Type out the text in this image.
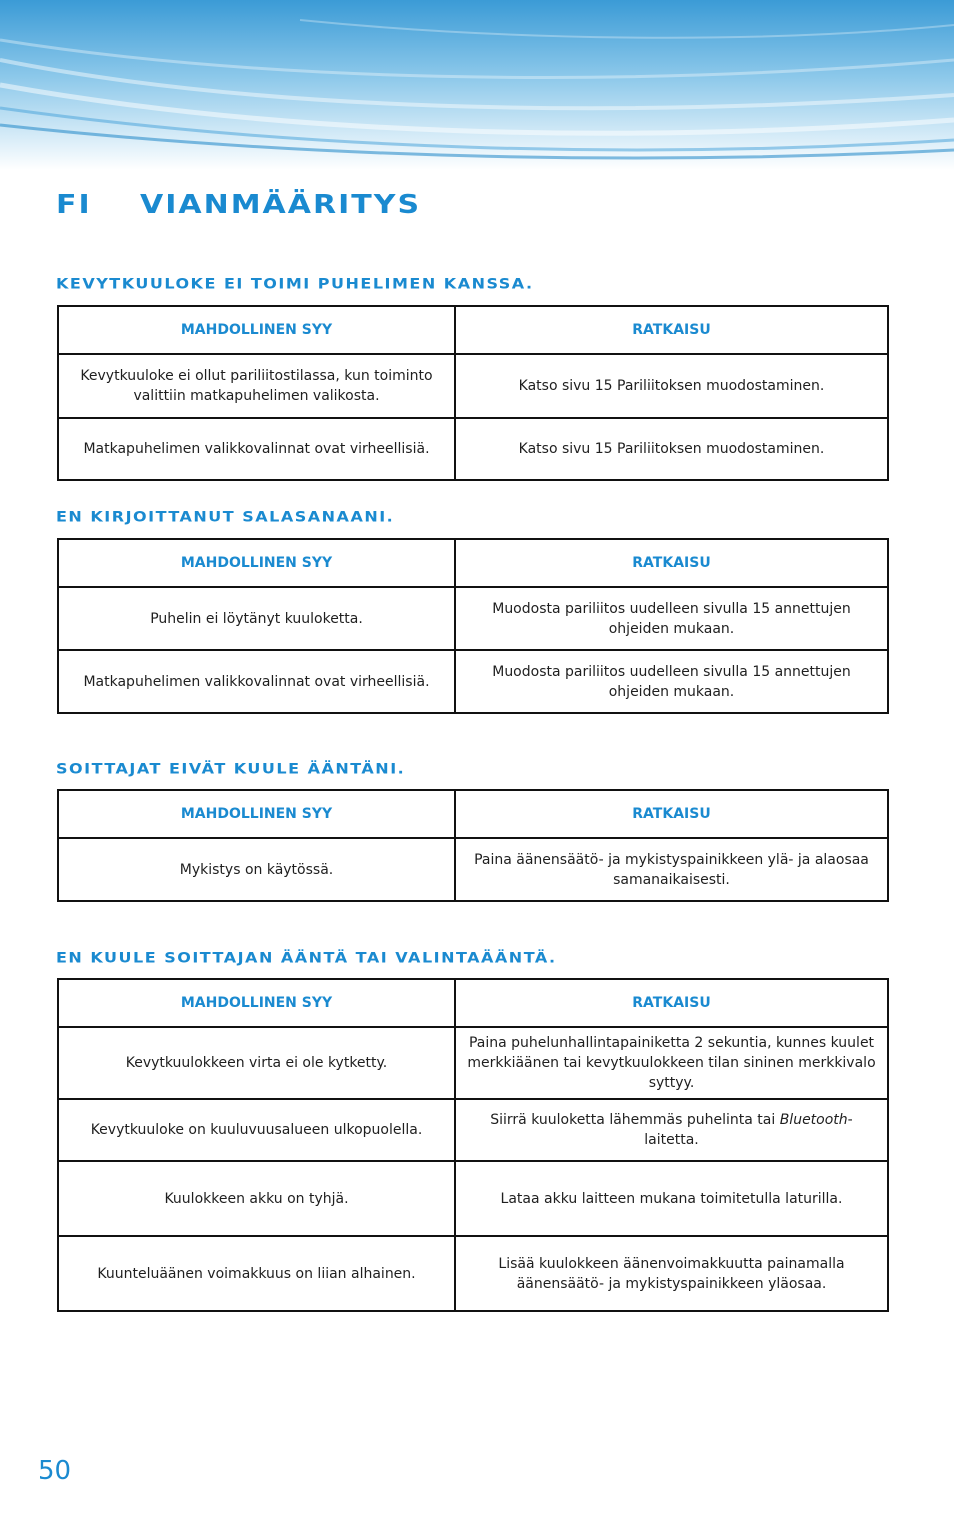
FI VIANMÄÄRITYS
KEVYTKUULOKE EI TOIMI PUHELIMEN KANSSA.
MAHDOLLINEN SYY	RATKAISU
Kevytkuuloke ei ollut pariliitostilassa, kun toiminto valittiin matkapuhelimen valikosta.	Katso sivu 15 Pariliitoksen muodostaminen.
Matkapuhelimen valikkovalinnat ovat virheellisiä.	Katso sivu 15 Pariliitoksen muodostaminen.
EN KIRJOITTANUT SALASANAANI.
MAHDOLLINEN SYY	RATKAISU
Puhelin ei löytänyt kuuloketta.	Muodosta pariliitos uudelleen sivulla 15 annettujen ohjeiden mukaan.
Matkapuhelimen valikkovalinnat ovat virheellisiä.	Muodosta pariliitos uudelleen sivulla 15 annettujen ohjeiden mukaan.
SOITTAJAT EIVÄT KUULE ÄÄNTÄNI.
MAHDOLLINEN SYY	RATKAISU
Mykistys on käytössä.	Paina äänensäätö- ja mykistyspainikkeen ylä- ja alaosaa samanaikaisesti.
EN KUULE SOITTAJAN ÄÄNTÄ TAI VALINTAÄÄNTÄ.
MAHDOLLINEN SYY	RATKAISU
Kevytkuulokkeen virta ei ole kytketty.	Paina puhelunhallintapainiketta 2 sekuntia, kunnes kuulet merkkiäänen tai kevytkuulokkeen tilan sininen merkkivalo syttyy.
Kevytkuuloke on kuuluvuusalueen ulkopuolella.	Siirrä kuuloketta lähemmäs puhelinta tai Bluetooth-laitetta.
Kuulokkeen akku on tyhjä.	Lataa akku laitteen mukana toimitetulla laturilla.
Kuunteluäänen voimakkuus on liian alhainen.	Lisää kuulokkeen äänenvoimakkuutta painamalla äänensäätö- ja mykistyspainikkeen yläosaa.
50
